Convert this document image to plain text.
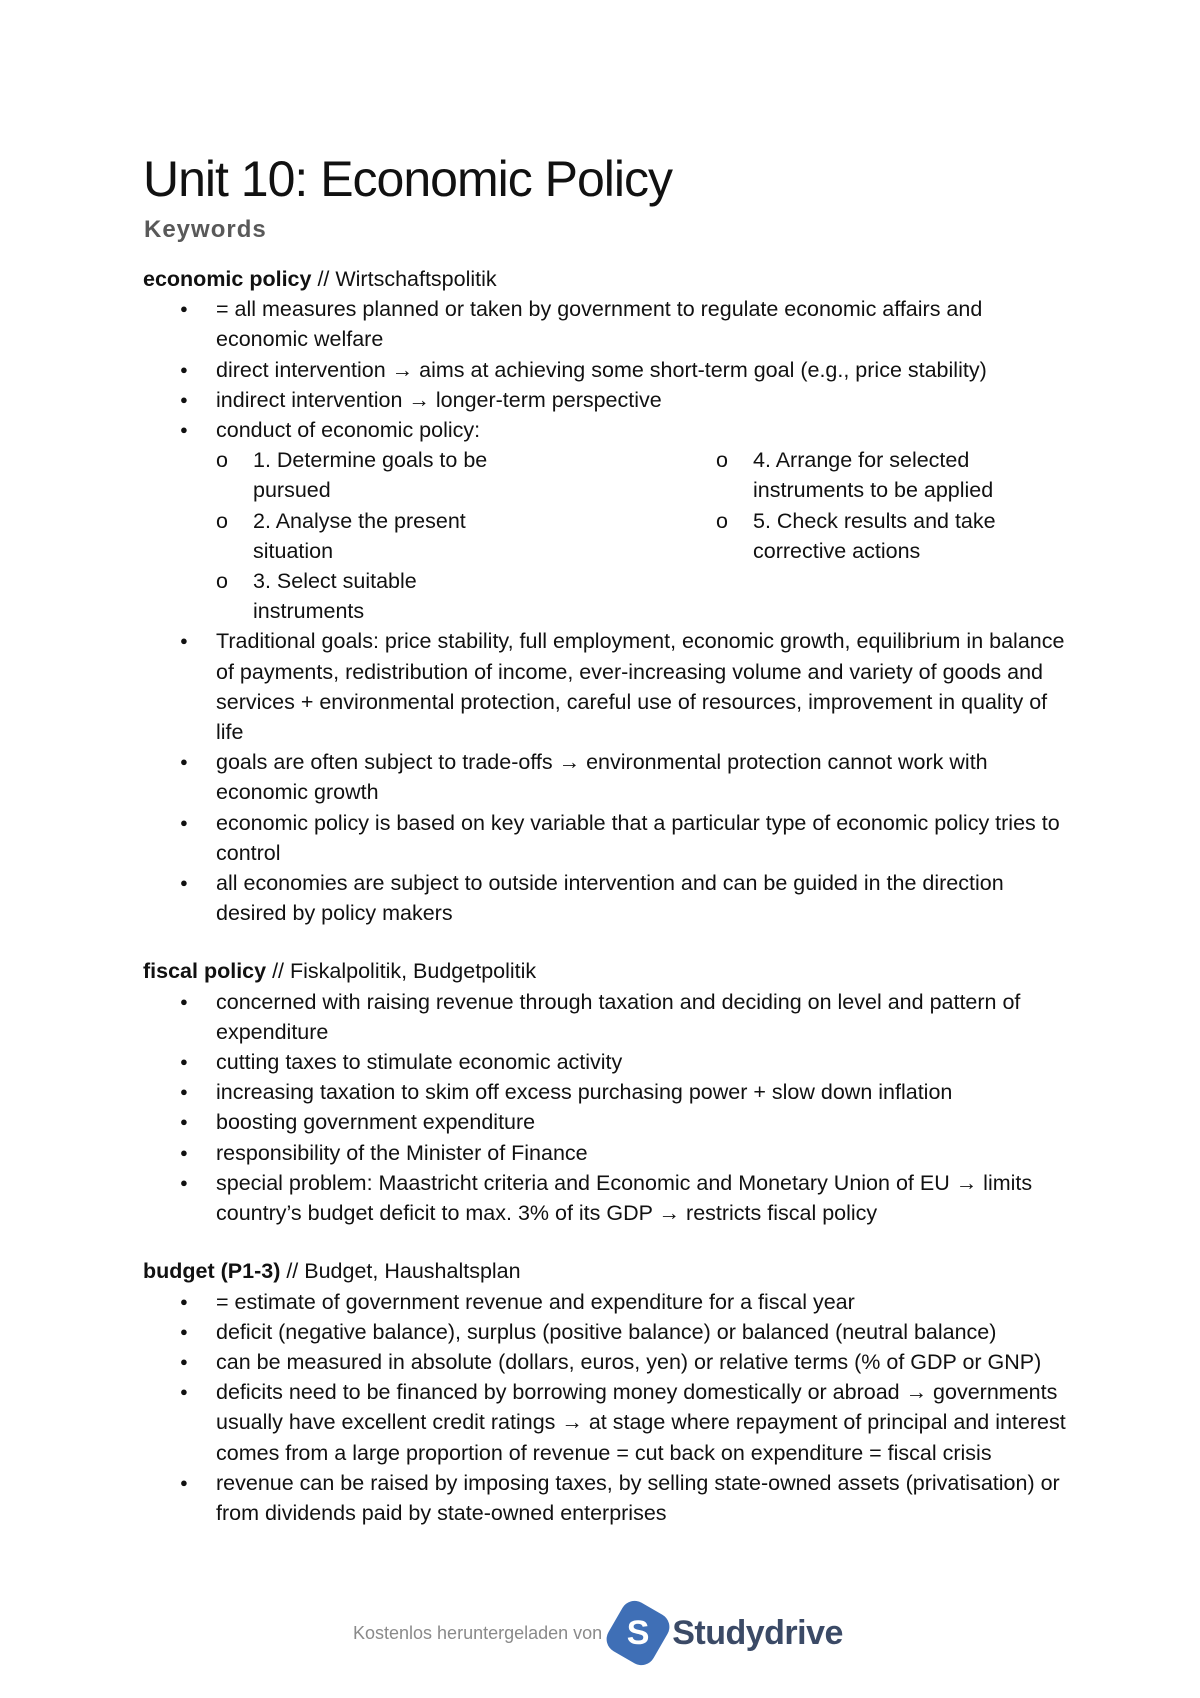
Unit 10: Economic Policy
Keywords

economic policy // Wirtschaftspolitik

● = all measures planned or taken by government to regulate economic affairs and economic welfare
● direct intervention → aims at achieving some short-term goal (e.g., price stability)
● indirect intervention → longer-term perspective
● conduct of economic policy:
o 1. Determine goals to be pursued
o 2. Analyse the present situation
o 3. Select suitable instruments
o 4. Arrange for selected instruments to be applied
o 5. Check results and take corrective actions
● Traditional goals: price stability, full employment, economic growth, equilibrium in balance of payments, redistribution of income, ever-increasing volume and variety of goods and services + environmental protection, careful use of resources, improvement in quality of life
● goals are often subject to trade-offs → environmental protection cannot work with economic growth
● economic policy is based on key variable that a particular type of economic policy tries to control
● all economies are subject to outside intervention and can be guided in the direction desired by policy makers

fiscal policy // Fiskalpolitik, Budgetpolitik

● concerned with raising revenue through taxation and deciding on level and pattern of expenditure
● cutting taxes to stimulate economic activity
● increasing taxation to skim off excess purchasing power + slow down inflation
● boosting government expenditure
● responsibility of the Minister of Finance
● special problem: Maastricht criteria and Economic and Monetary Union of EU → limits country’s budget deficit to max. 3% of its GDP → restricts fiscal policy

budget (P1-3) // Budget, Haushaltsplan

● = estimate of government revenue and expenditure for a fiscal year
● deficit (negative balance), surplus (positive balance) or balanced (neutral balance)
● can be measured in absolute (dollars, euros, yen) or relative terms (% of GDP or GNP)
● deficits need to be financed by borrowing money domestically or abroad → governments usually have excellent credit ratings → at stage where repayment of principal and interest comes from a large proportion of revenue = cut back on expenditure = fiscal crisis
● revenue can be raised by imposing taxes, by selling state-owned assets (privatisation) or from dividends paid by state-owned enterprises
Kostenlos heruntergeladen von S Studydrive
